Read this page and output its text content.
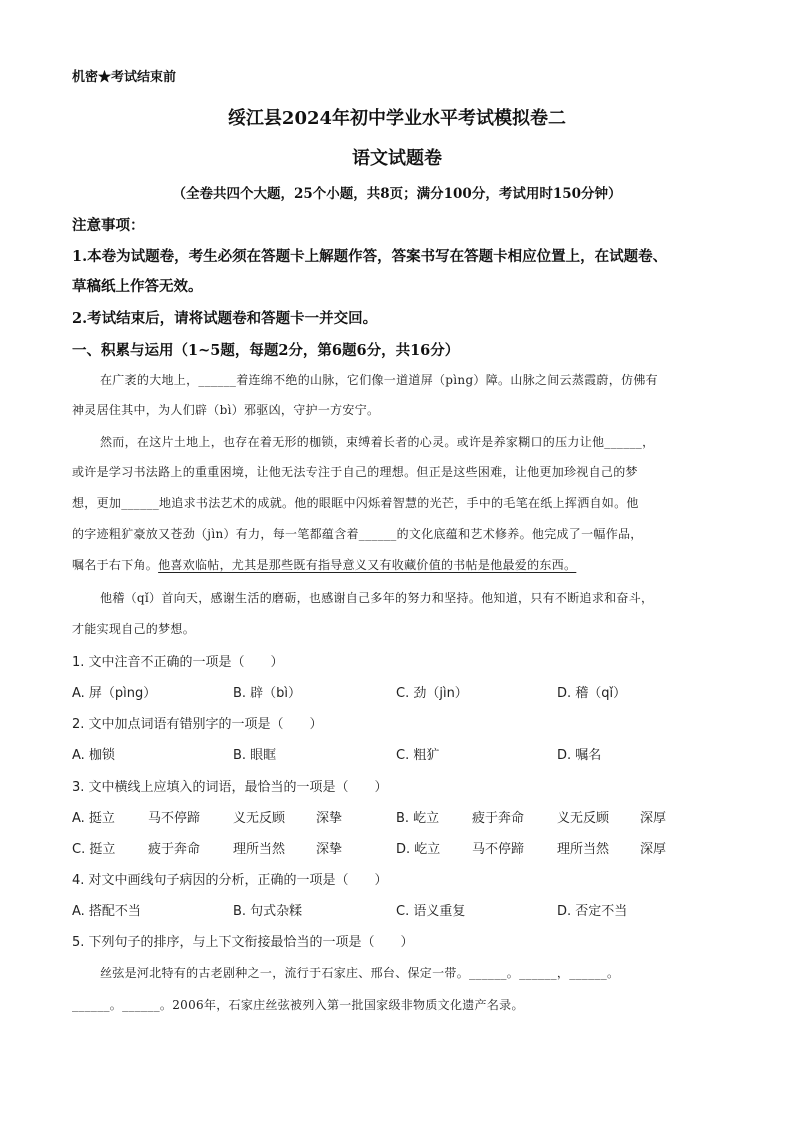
机密★考试结束前
绥江县2024年初中学业水平考试模拟卷二
语文试题卷
（全卷共四个大题，25个小题，共8页；满分100分，考试用时150分钟）
注意事项：
1.本卷为试题卷，考生必须在答题卡上解题作答，答案书写在答题卡相应位置上，在试题卷、
草稿纸上作答无效。
2.考试结束后，请将试题卷和答题卡一并交回。
一、积累与运用（1~5题，每题2分，第6题6分，共16分）
在广袤的大地上，______着连绵不绝的山脉，它们像一道道屏（pìng）障。山脉之间云蒸霞蔚，仿佛有
神灵居住其中，为人们辟（bì）邪驱凶，守护一方安宁。
然而，在这片土地上，也存在着无形的枷锁，束缚着长者的心灵。或许是养家糊口的压力让他______，
或许是学习书法路上的重重困境，让他无法专注于自己的理想。但正是这些困难，让他更加珍视自己的梦
想，更加______地追求书法艺术的成就。他的眼眶中闪烁着智慧的光芒，手中的毛笔在纸上挥洒自如。他
的字迹粗犷豪放又苍劲（jìn）有力，每一笔都蕴含着______的文化底蕴和艺术修养。他完成了一幅作品，
嘱名于右下角。他喜欢临帖，尤其是那些既有指导意义又有收藏价值的书帖是他最爱的东西。
他稽（qǐ）首向天，感谢生活的磨砺，也感谢自己多年的努力和坚持。他知道，只有不断追求和奋斗，
才能实现自己的梦想。
1. 文中注音不正确的一项是（　　）
A. 屏（pìng）	B. 辟（bì）	C. 劲（jìn）	D. 稽（qǐ）
2. 文中加点词语有错别字的一项是（　　）
A. 枷锁	B. 眼眶	C. 粗犷	D. 嘱名
3. 文中横线上应填入的词语，最恰当的一项是（　　）
A. 挺立	马不停蹄	义无反顾 深挚	B. 屹立	疲于奔命	义无反顾 深厚
C. 挺立	疲于奔命	理所当然 深挚	D. 屹立 马不停蹄	理所当然 深厚
4. 对文中画线句子病因的分析，正确的一项是（　　）
A. 搭配不当	B. 句式杂糅	C. 语义重复	D. 否定不当
5. 下列句子的排序，与上下文衔接最恰当的一项是（　　）
丝弦是河北特有的古老剧种之一，流行于石家庄、邢台、保定一带。______。______，______。
______。______。2006年，石家庄丝弦被列入第一批国家级非物质文化遗产名录。
